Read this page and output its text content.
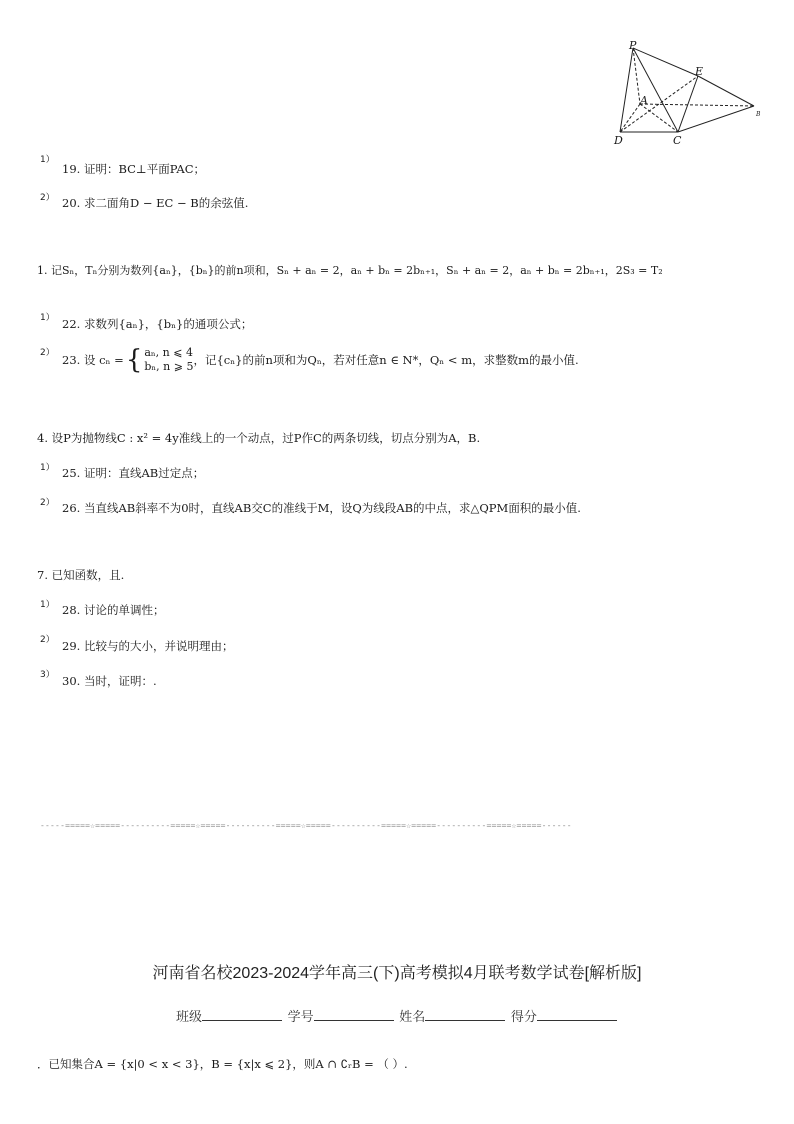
P
E
A
D	C
B
1）
19. 证明：BC⊥平面PAC；
2） 20. 求二面角D − EC − B的余弦值.
1. 记Sₙ，Tₙ分别为数列{aₙ}，{bₙ}的前n项和，Sₙ + aₙ = 2，aₙ + bₙ = 2bₙ₊₁，Sₙ + aₙ = 2，aₙ + bₙ = 2bₙ₊₁，2S₃ = T₂
1） 22. 求数列{aₙ}，{bₙ}的通项公式；
2） 23. 设 cₙ = { aₙ, n ⩽ 4
bₙ, n ⩾ 5 ，记{cₙ}的前n项和为Qₙ，若对任意n ∈ N*，Qₙ < m，求整数m的最小值.
4. 设P为抛物线C : x² = 4y准线上的一个动点，过P作C的两条切线，切点分别为A，B.
1） 25. 证明：直线AB过定点；
2） 26. 当直线AB斜率不为0时，直线AB交C的准线于M，设Q为线段AB的中点，求△QPM面积的最小值.
7. 已知函数，且.
1） 28. 讨论的单调性；
2） 29. 比较与的大小，并说明理由；
3） 30. 当时，证明：.
-----=====☆=====----------=====☆=====----------=====☆=====----------=====☆=====----------=====☆=====------
河南省名校2023-2024学年高三(下)高考模拟4月联考数学试卷[解析版]
班级	学号	姓名	得分
．已知集合A = {x|0 < x < 3}，B = {x|x ⩽ 2}，则A ∩ ∁ᵣB = （ ）.
